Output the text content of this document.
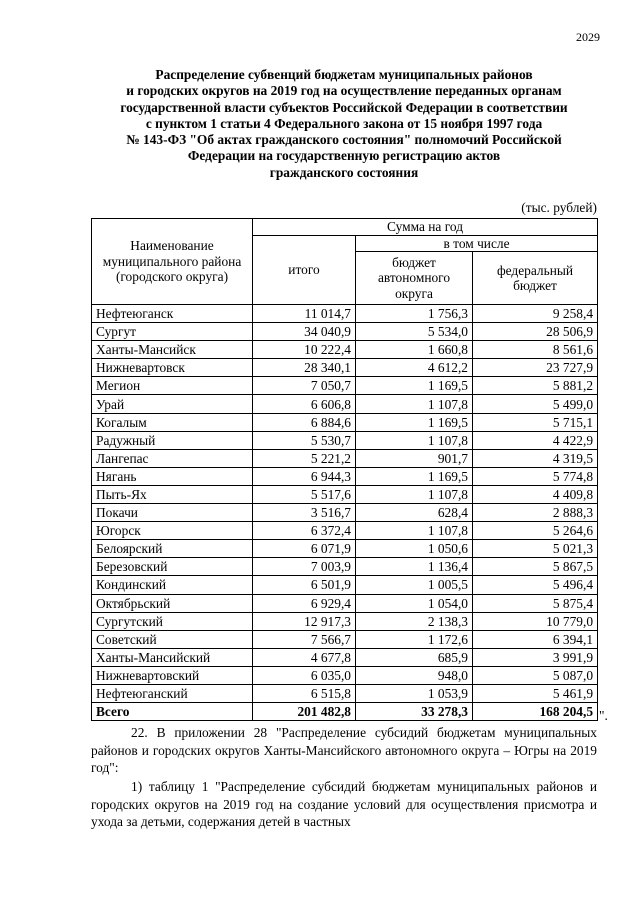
2029
Распределение субвенций бюджетам муниципальных районов
и городских округов на 2019 год на осуществление переданных органам
государственной власти субъектов Российской Федерации в соответствии
с пунктом 1 статьи 4 Федерального закона от 15 ноября 1997 года
№ 143-ФЗ "Об актах гражданского состояния" полномочий Российской
Федерации на государственную регистрацию актов
гражданского состояния
(тыс. рублей)
Наименование муниципального района (городского округа)	Сумма на год		
	итого	в том числе	
		бюджет автономного округа	федеральный бюджет
Нефтеюганск	11 014,7	1 756,3	9 258,4
Сургут	34 040,9	5 534,0	28 506,9
Ханты-Мансийск	10 222,4	1 660,8	8 561,6
Нижневартовск	28 340,1	4 612,2	23 727,9
Мегион	7 050,7	1 169,5	5 881,2
Урай	6 606,8	1 107,8	5 499,0
Когалым	6 884,6	1 169,5	5 715,1
Радужный	5 530,7	1 107,8	4 422,9
Лангепас	5 221,2	901,7	4 319,5
Нягань	6 944,3	1 169,5	5 774,8
Пыть-Ях	5 517,6	1 107,8	4 409,8
Покачи	3 516,7	628,4	2 888,3
Югорск	6 372,4	1 107,8	5 264,6
Белоярский	6 071,9	1 050,6	5 021,3
Березовский	7 003,9	1 136,4	5 867,5
Кондинский	6 501,9	1 005,5	5 496,4
Октябрьский	6 929,4	1 054,0	5 875,4
Сургутский	12 917,3	2 138,3	10 779,0
Советский	7 566,7	1 172,6	6 394,1
Ханты-Мансийский	4 677,8	685,9	3 991,9
Нижневартовский	6 035,0	948,0	5 087,0
Нефтеюганский	6 515,8	1 053,9	5 461,9
Всего	201 482,8	33 278,3	168 204,5 ".
22. В приложении 28 "Распределение субсидий бюджетам муниципальных районов и городских округов Ханты-Мансийского автономного округа – Югры на 2019 год":
1) таблицу 1 "Распределение субсидий бюджетам муниципальных районов и городских округов на 2019 год на создание условий для осуществления присмотра и ухода за детьми, содержания детей в частных
